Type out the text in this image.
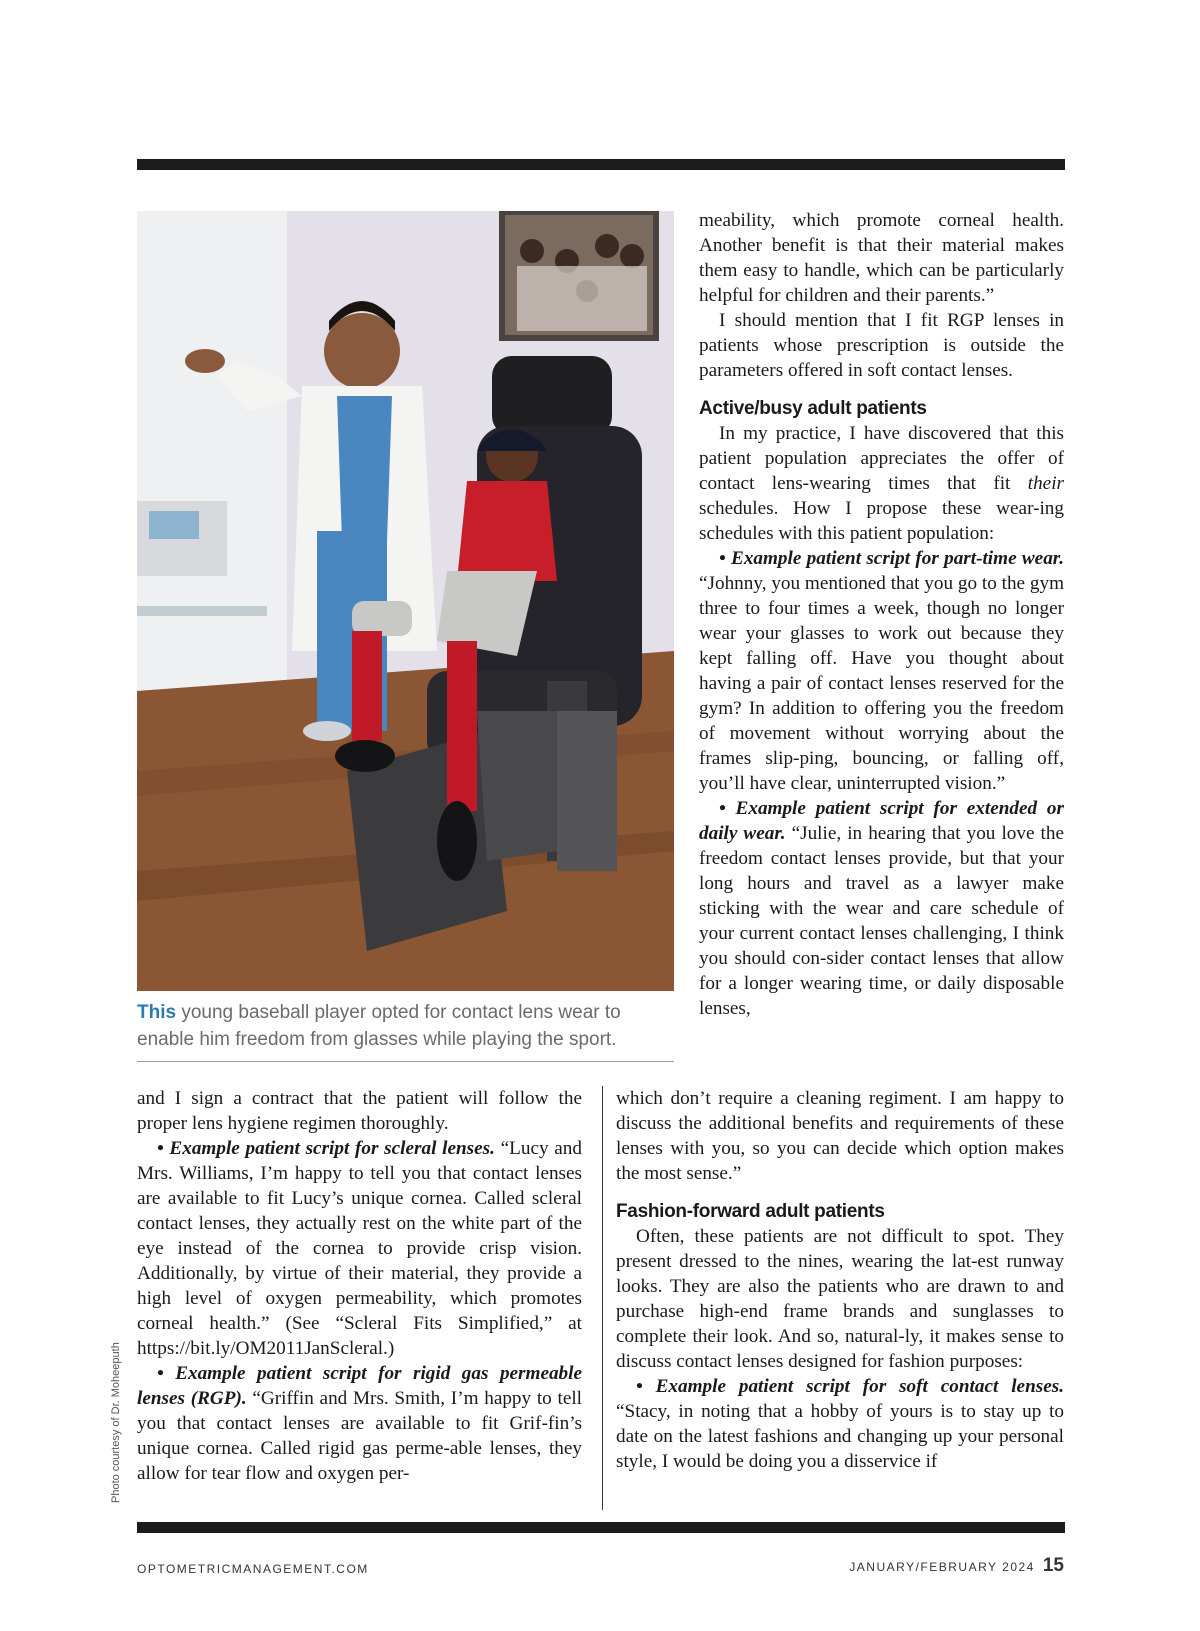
This young baseball player opted for contact lens wear to enable him freedom from glasses while playing the sport.
Photo courtesy of Dr. Moheeputh

meability, which promote corneal health. Another benefit is that their material makes them easy to handle, which can be particularly helpful for children and their parents.”

I should mention that I fit RGP lenses in patients whose prescription is outside the parameters offered in soft contact lenses.

Active/busy adult patients

In my practice, I have discovered that this patient population appreciates the offer of contact lens-wearing times that fit their schedules. How I propose these wear-ing schedules with this patient population:

• Example patient script for part-time wear. “Johnny, you mentioned that you go to the gym three to four times a week, though no longer wear your glasses to work out because they kept falling off. Have you thought about having a pair of contact lenses reserved for the gym? In addition to offering you the freedom of movement without worrying about the frames slip-ping, bouncing, or falling off, you’ll have clear, uninterrupted vision.”

• Example patient script for extended or daily wear. “Julie, in hearing that you love the freedom contact lenses provide, but that your long hours and travel as a lawyer make sticking with the wear and care schedule of your current contact lenses challenging, I think you should con-sider contact lenses that allow for a longer wearing time, or daily disposable lenses,

and I sign a contract that the patient will follow the proper lens hygiene regimen thoroughly.

• Example patient script for scleral lenses. “Lucy and Mrs. Williams, I’m happy to tell you that contact lenses are available to fit Lucy’s unique cornea. Called scleral contact lenses, they actually rest on the white part of the eye instead of the cornea to provide crisp vision. Additionally, by virtue of their material, they provide a high level of oxygen permeability, which promotes corneal health.” (See “Scleral Fits Simplified,” at https://bit.ly/OM2011JanScleral.)

• Example patient script for rigid gas permeable lenses (RGP). “Griffin and Mrs. Smith, I’m happy to tell you that contact lenses are available to fit Grif-fin’s unique cornea. Called rigid gas perme-able lenses, they allow for tear flow and oxygen per-

which don’t require a cleaning regiment. I am happy to discuss the additional benefits and requirements of these lenses with you, so you can decide which option makes the most sense.”

Fashion-forward adult patients

Often, these patients are not difficult to spot. They present dressed to the nines, wearing the lat-est runway looks. They are also the patients who are drawn to and purchase high-end frame brands and sunglasses to complete their look. And so, natural-ly, it makes sense to discuss contact lenses designed for fashion purposes:

• Example patient script for soft contact lenses. “Stacy, in noting that a hobby of yours is to stay up to date on the latest fashions and changing up your personal style, I would be doing you a disservice if

OPTOMETRICMANAGEMENT.COM	JANUARY/FEBRUARY 2024 15
